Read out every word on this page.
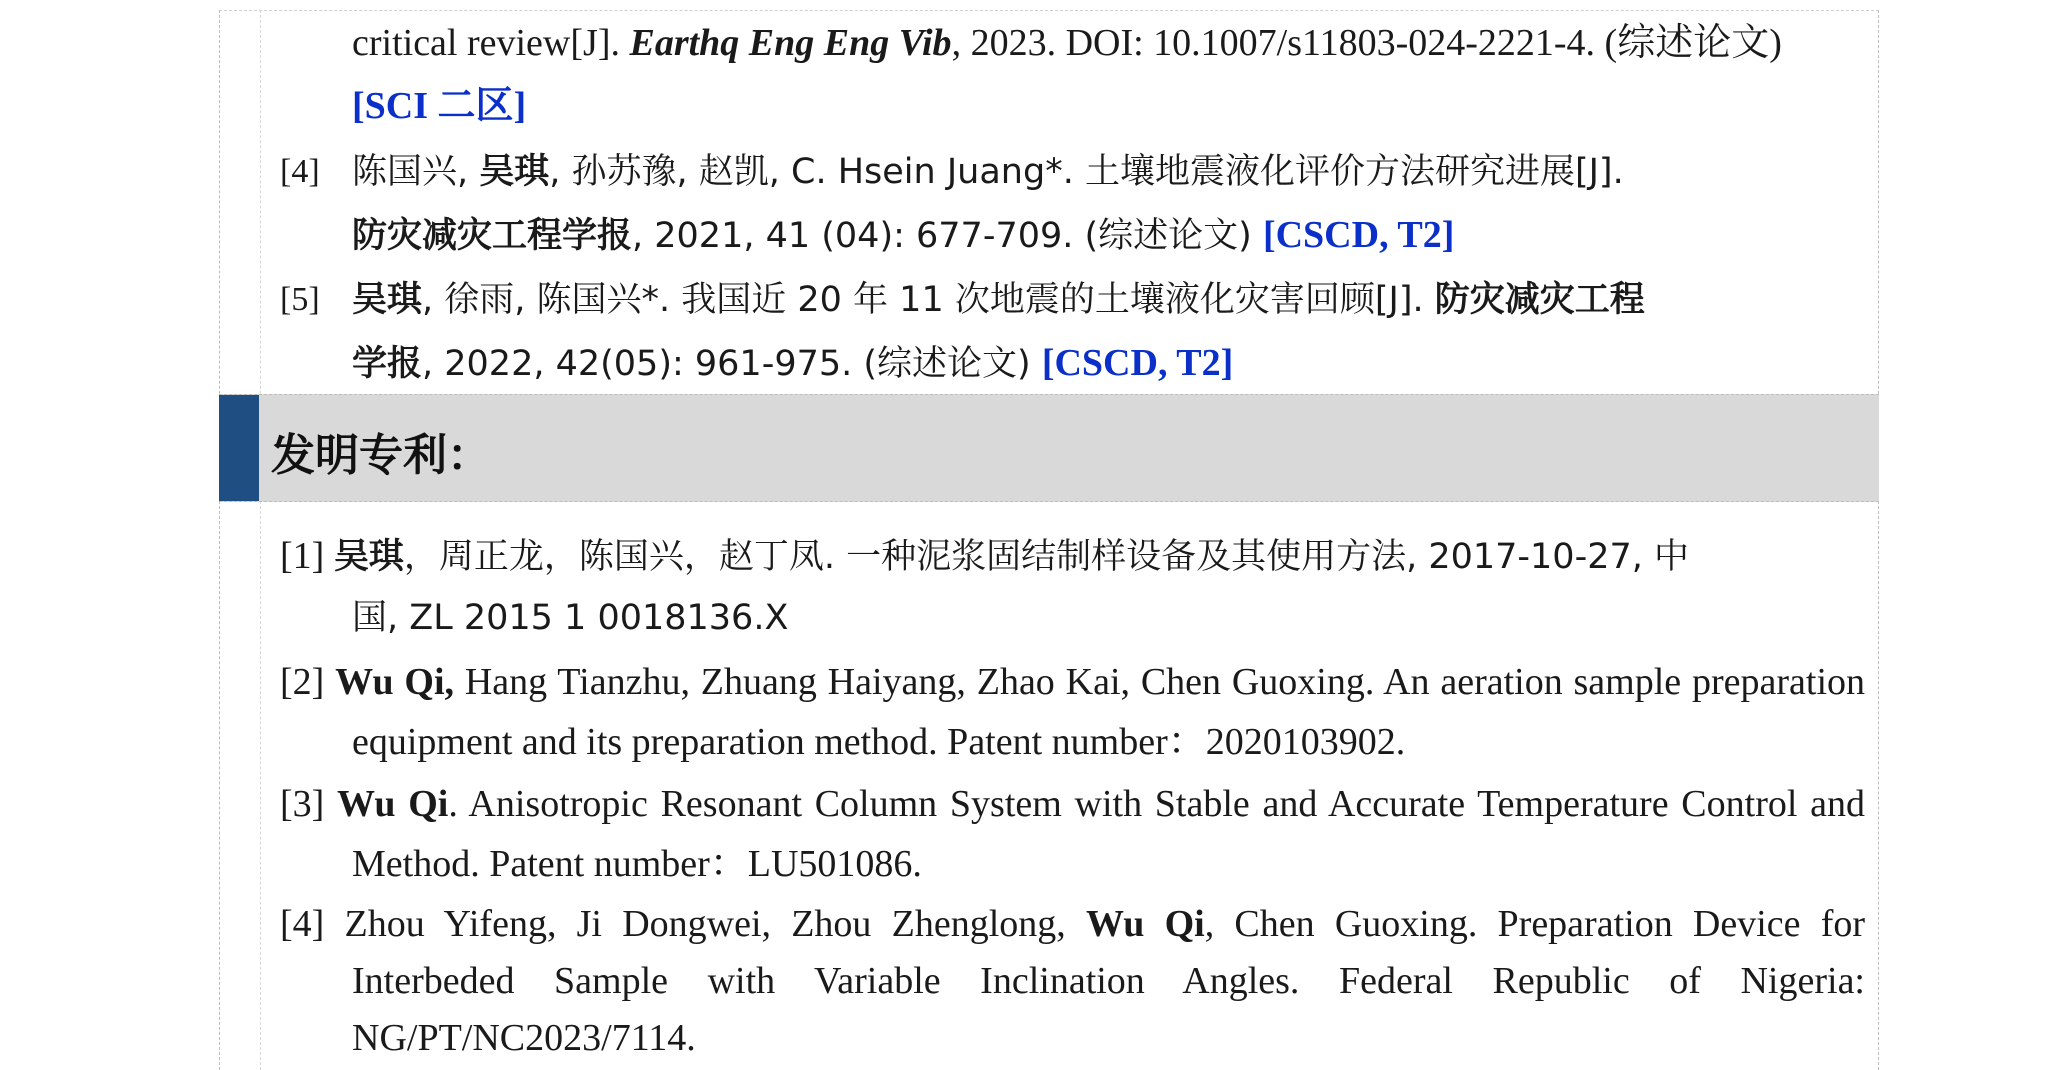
critical review[J]. Earthq Eng Eng Vib, 2023. DOI: 10.1007/s11803-024-2221-4. (综述论文)
[SCI 二区]
[4] 陈国兴, 吴琪, 孙苏豫, 赵凯, C. Hsein Juang*. 土壤地震液化评价方法研究进展[J].
防灾减灾工程学报, 2021, 41 (04): 677-709. (综述论文) [CSCD, T2]
[5] 吴琪, 徐雨, 陈国兴*. 我国近 20 年 11 次地震的土壤液化灾害回顾[J]. 防灾减灾工程
学报, 2022, 42(05): 961-975. (综述论文) [CSCD, T2]
发明专利：
[1] 吴琪，周正龙，陈国兴，赵丁凤. 一种泥浆固结制样设备及其使用方法, 2017-10-27, 中
国, ZL 2015 1 0018136.X
[2] Wu Qi, Hang Tianzhu, Zhuang Haiyang, Zhao Kai, Chen Guoxing. An aeration sample preparation equipment and its preparation method. Patent number：2020103902.
[3] Wu Qi. Anisotropic Resonant Column System with Stable and Accurate Temperature Control and Method. Patent number：LU501086.
[4] Zhou Yifeng, Ji Dongwei, Zhou Zhenglong, Wu Qi, Chen Guoxing. Preparation Device for Interbeded Sample with Variable Inclination Angles. Federal Republic of Nigeria: NG/PT/NC2023/7114.
